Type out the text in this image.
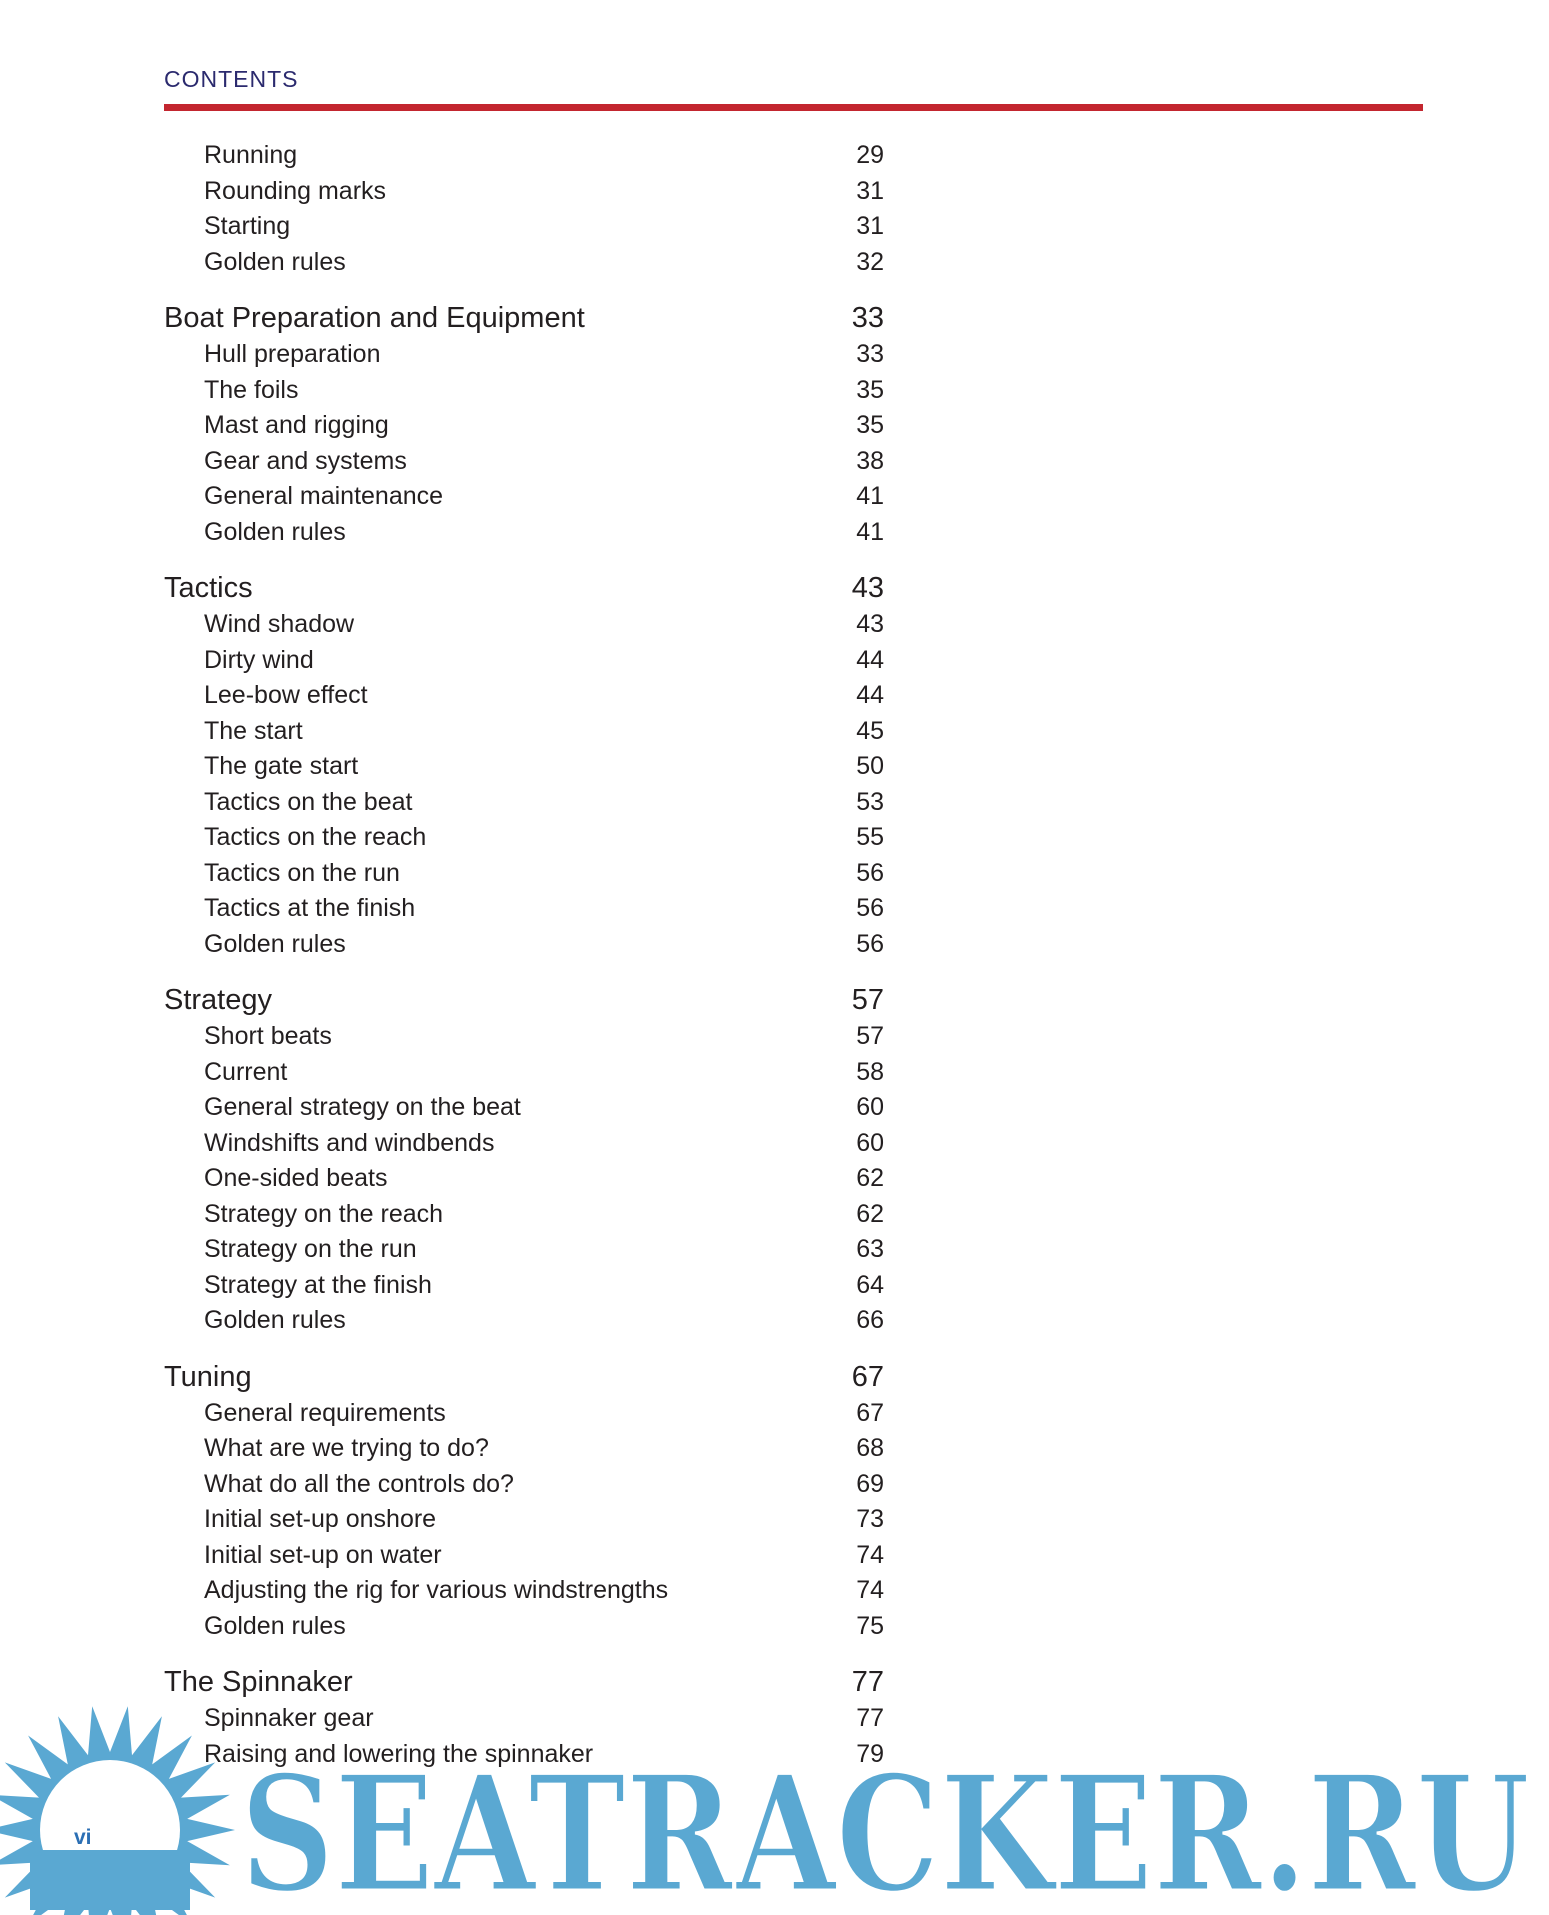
CONTENTS
Running	29
Rounding marks	31
Starting	31
Golden rules	32
Boat Preparation and Equipment	33
Hull preparation	33
The foils	35
Mast and rigging	35
Gear and systems	38
General maintenance	41
Golden rules	41
Tactics	43
Wind shadow	43
Dirty wind	44
Lee-bow effect	44
The start	45
The gate start	50
Tactics on the beat	53
Tactics on the reach	55
Tactics on the run	56
Tactics at the finish	56
Golden rules	56
Strategy	57
Short beats	57
Current	58
General strategy on the beat	60
Windshifts and windbends	60
One-sided beats	62
Strategy on the reach	62
Strategy on the run	63
Strategy at the finish	64
Golden rules	66
Tuning	67
General requirements	67
What are we trying to do?	68
What do all the controls do?	69
Initial set-up onshore	73
Initial set-up on water	74
Adjusting the rig for various windstrengths	74
Golden rules	75
The Spinnaker	77
Spinnaker gear	77
Raising and lowering the spinnaker	79
SEATRACKER.RU
vi
